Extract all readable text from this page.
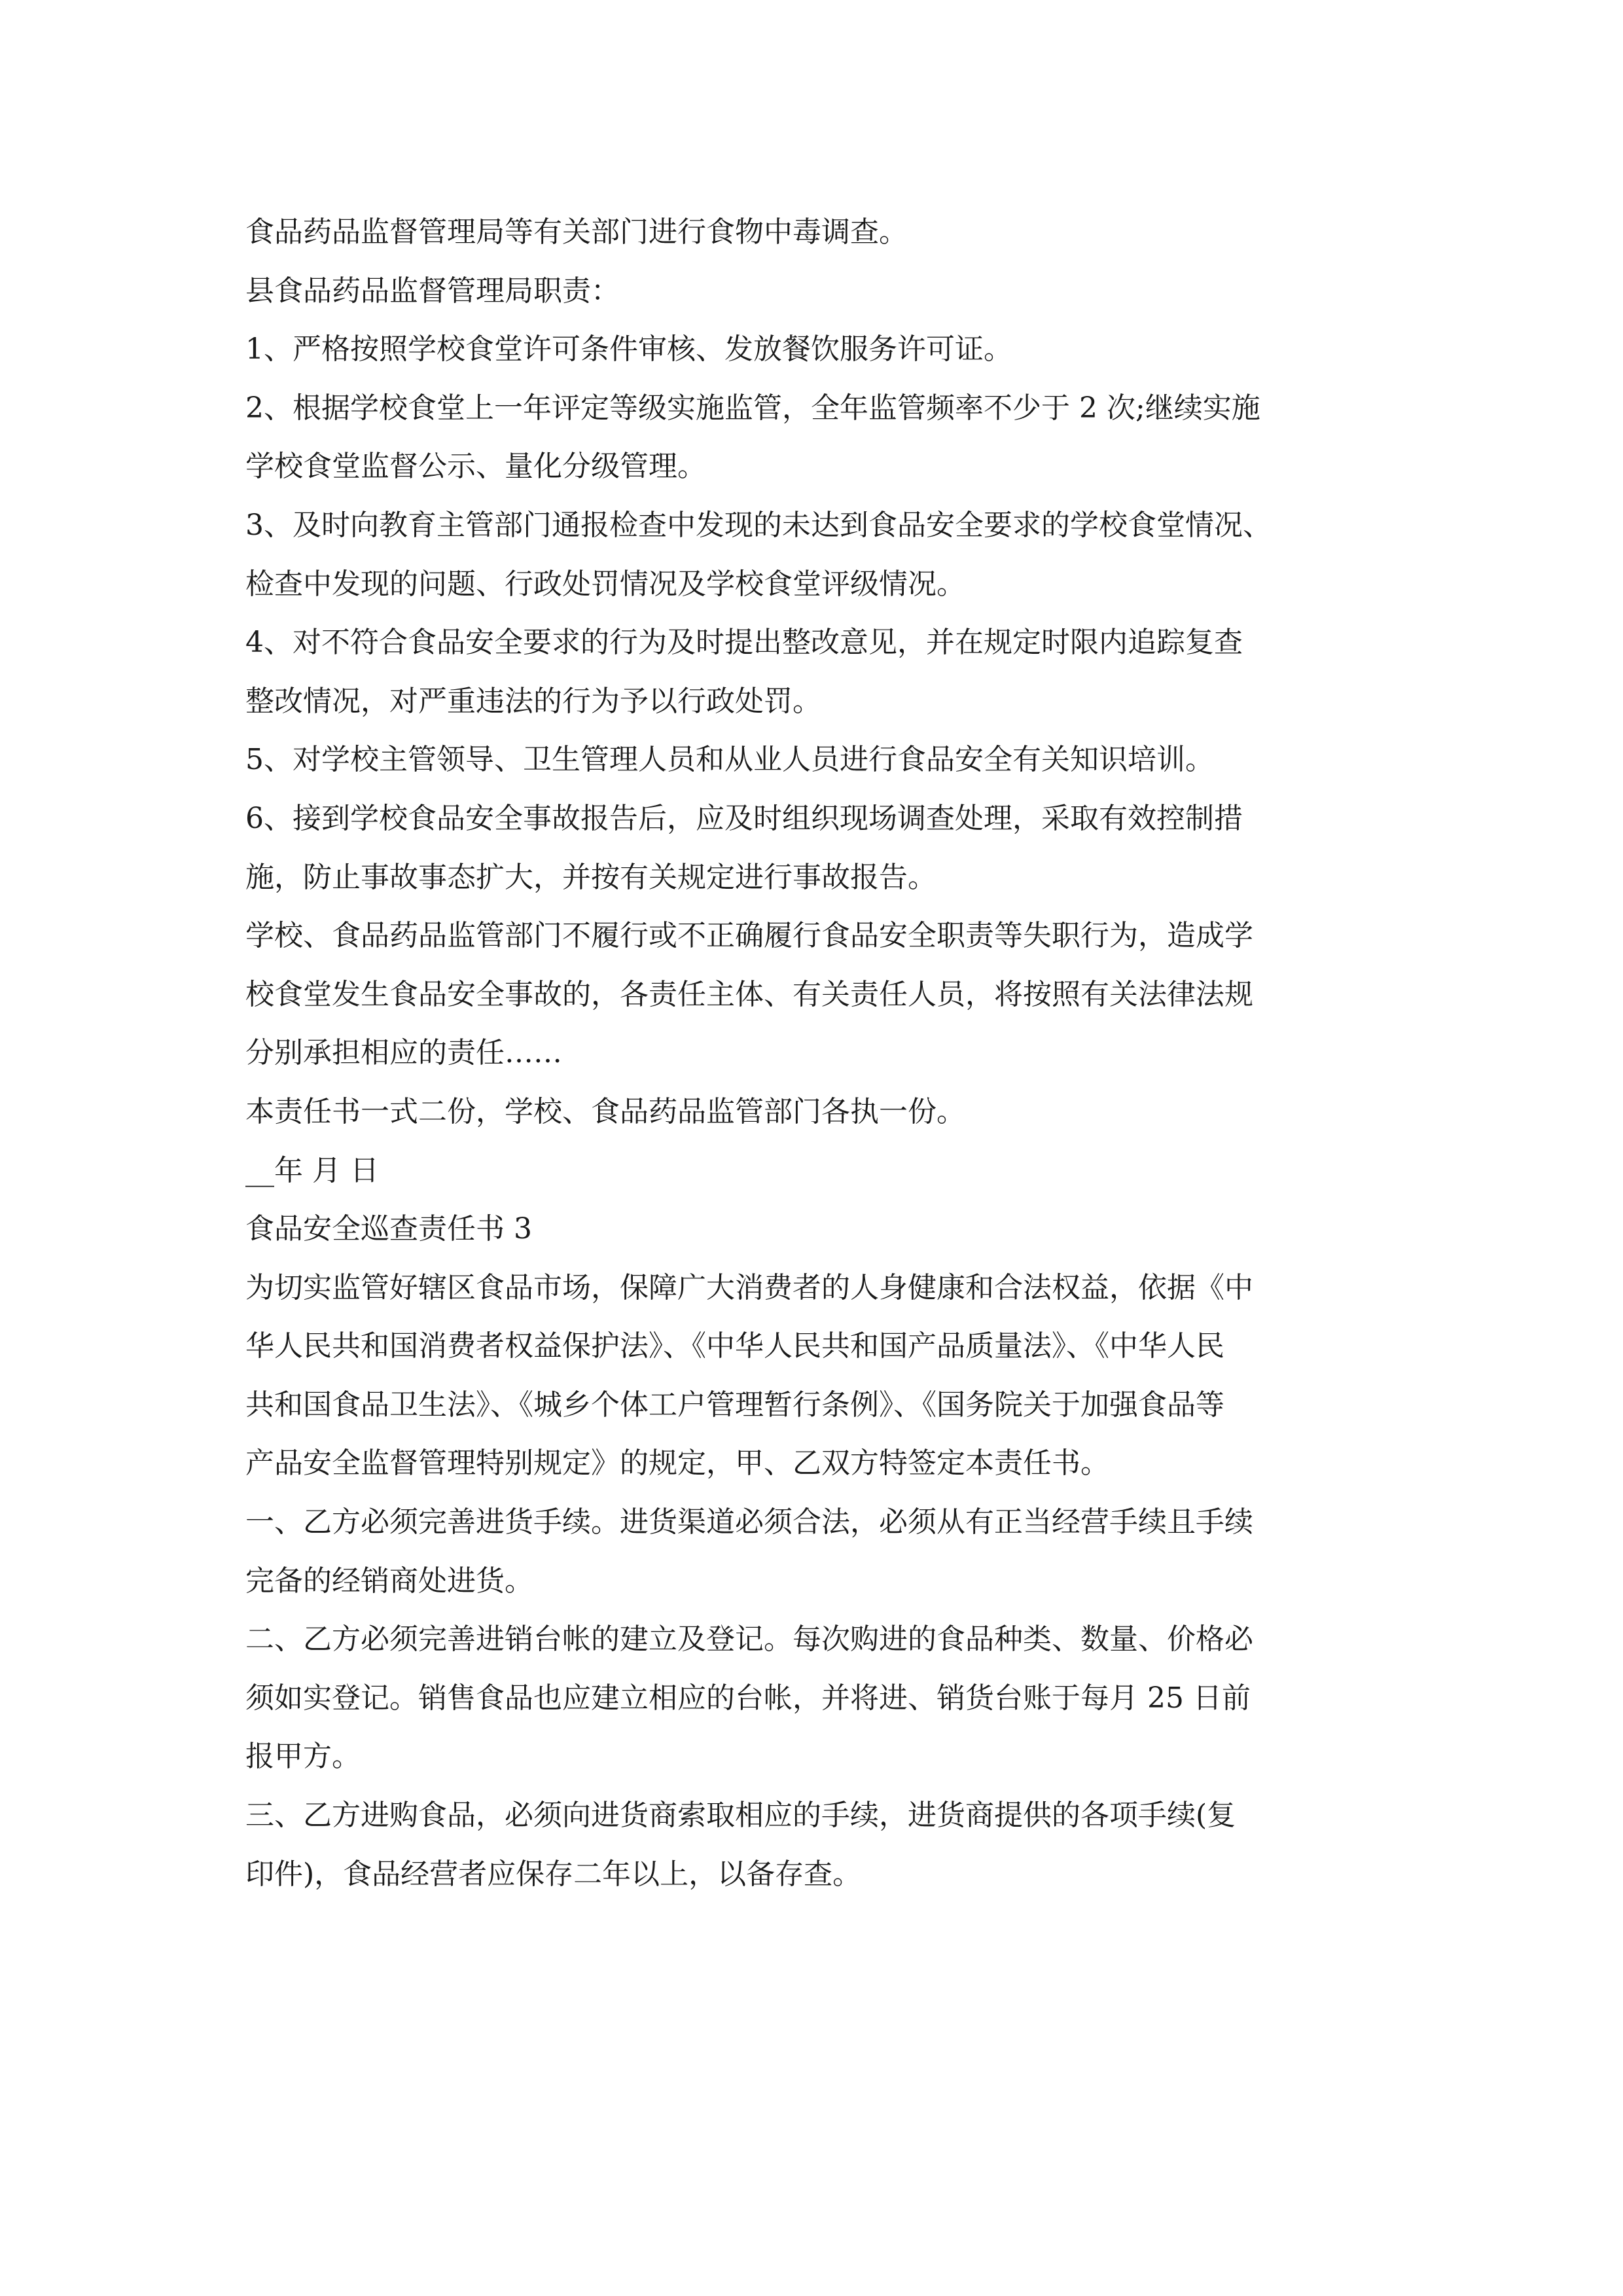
食品药品监督管理局等有关部门进行食物中毒调查。
县食品药品监督管理局职责：
1、严格按照学校食堂许可条件审核、发放餐饮服务许可证。
2、根据学校食堂上一年评定等级实施监管，全年监管频率不少于 2 次;继续实施
学校食堂监督公示、量化分级管理。
3、及时向教育主管部门通报检查中发现的未达到食品安全要求的学校食堂情况、
检查中发现的问题、行政处罚情况及学校食堂评级情况。
4、对不符合食品安全要求的行为及时提出整改意见，并在规定时限内追踪复查
整改情况，对严重违法的行为予以行政处罚。
5、对学校主管领导、卫生管理人员和从业人员进行食品安全有关知识培训。
6、接到学校食品安全事故报告后，应及时组织现场调查处理，采取有效控制措
施，防止事故事态扩大，并按有关规定进行事故报告。
学校、食品药品监管部门不履行或不正确履行食品安全职责等失职行为，造成学
校食堂发生食品安全事故的，各责任主体、有关责任人员，将按照有关法律法规
分别承担相应的责任……
本责任书一式二份，学校、食品药品监管部门各执一份。
__年 月 日
食品安全巡查责任书 3
为切实监管好辖区食品市场，保障广大消费者的人身健康和合法权益，依据《中
华人民共和国消费者权益保护法》、《中华人民共和国产品质量法》、《中华人民
共和国食品卫生法》、《城乡个体工户管理暂行条例》、《国务院关于加强食品等
产品安全监督管理特别规定》的规定，甲、乙双方特签定本责任书。
一、乙方必须完善进货手续。进货渠道必须合法，必须从有正当经营手续且手续
完备的经销商处进货。
二、乙方必须完善进销台帐的建立及登记。每次购进的食品种类、数量、价格必
须如实登记。销售食品也应建立相应的台帐，并将进、销货台账于每月 25 日前
报甲方。
三、乙方进购食品，必须向进货商索取相应的手续，进货商提供的各项手续(复
印件)，食品经营者应保存二年以上，以备存查。
